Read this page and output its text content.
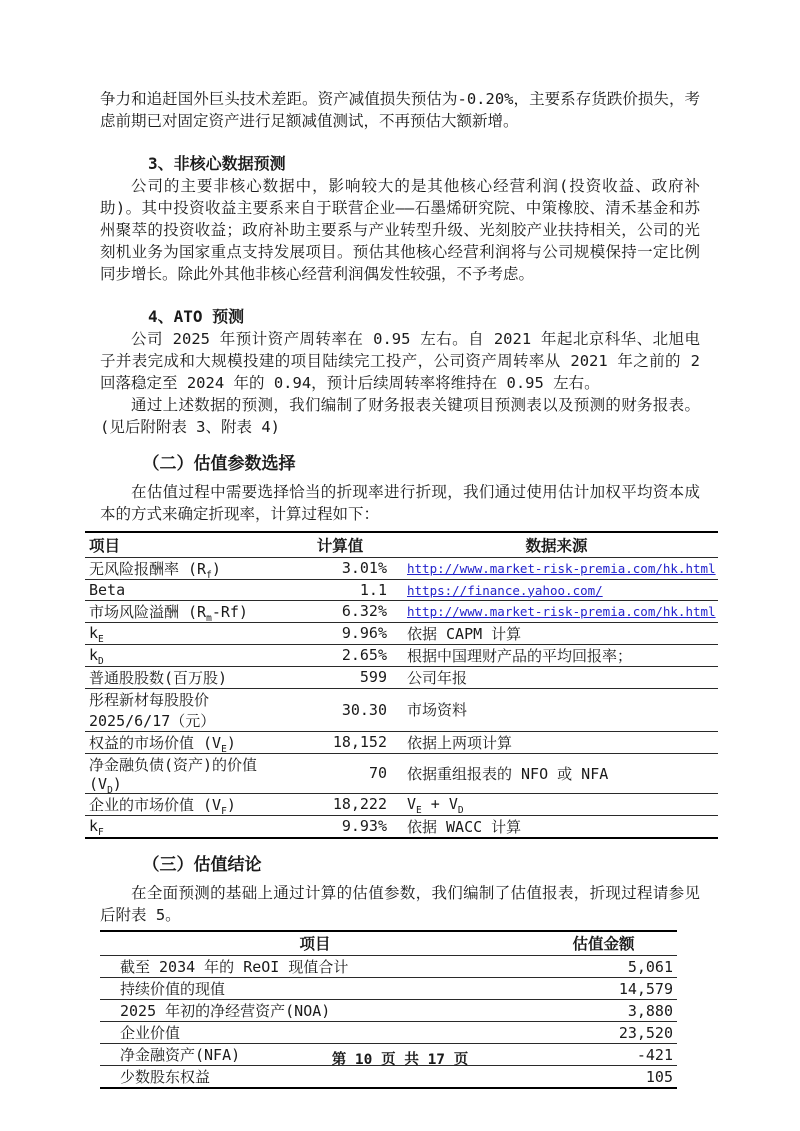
争力和追赶国外巨头技术差距。资产减值损失预估为-0.20%，主要系存货跌价损失，考虑前期已对固定资产进行足额减值测试，不再预估大额新增。

3、非核心数据预测

公司的主要非核心数据中，影响较大的是其他核心经营利润(投资收益、政府补助)。其中投资收益主要系来自于联营企业——石墨烯研究院、中策橡胶、清禾基金和苏州聚萃的投资收益；政府补助主要系与产业转型升级、光刻胶产业扶持相关，公司的光刻机业务为国家重点支持发展项目。预估其他核心经营利润将与公司规模保持一定比例同步增长。除此外其他非核心经营利润偶发性较强，不予考虑。

4、ATO 预测

公司 2025 年预计资产周转率在 0.95 左右。自 2021 年起北京科华、北旭电子并表完成和大规模投建的项目陆续完工投产，公司资产周转率从 2021 年之前的 2 回落稳定至 2024 年的 0.94，预计后续周转率将维持在 0.95 左右。

通过上述数据的预测，我们编制了财务报表关键项目预测表以及预测的财务报表。(见后附附表 3、附表 4)

（二）估值参数选择

在估值过程中需要选择恰当的折现率进行折现，我们通过使用估计加权平均资本成本的方式来确定折现率，计算过程如下：

项目	计算值	数据来源
无风险报酬率 $(R_f)$	3.01%	http://www.market-risk-premia.com/hk.html
Beta	1.1	https://finance.yahoo.com/
市场风险溢酬 $(R_m-Rf)$	6.32%	http://www.market-risk-premia.com/hk.html
$k_E$	9.96%	依据 CAPM 计算
$k_D$	2.65%	根据中国理财产品的平均回报率；
普通股股数(百万股)	599	公司年报
彤程新材每股股价 2025/6/17（元）	30.30	市场资料
权益的市场价值 $(V_E)$	18,152	依据上两项计算
净金融负债(资产)的价值 $(V_D)$	70	依据重组报表的 NFO 或 NFA
企业的市场价值 $(V_F)$	18,222	$V_E + V_D$
$k_F$	9.93%	依据 WACC 计算
（三）估值结论

在全面预测的基础上通过计算的估值参数，我们编制了估值报表，折现过程请参见后附表 5。

项目	估值金额
截至 2034 年的 ReOI 现值合计	5,061
持续价值的现值	14,579
2025 年初的净经营资产(NOA)	3,880
企业价值	23,520
净金融资产(NFA)	-421
少数股东权益	105
第 10 页 共 17 页
